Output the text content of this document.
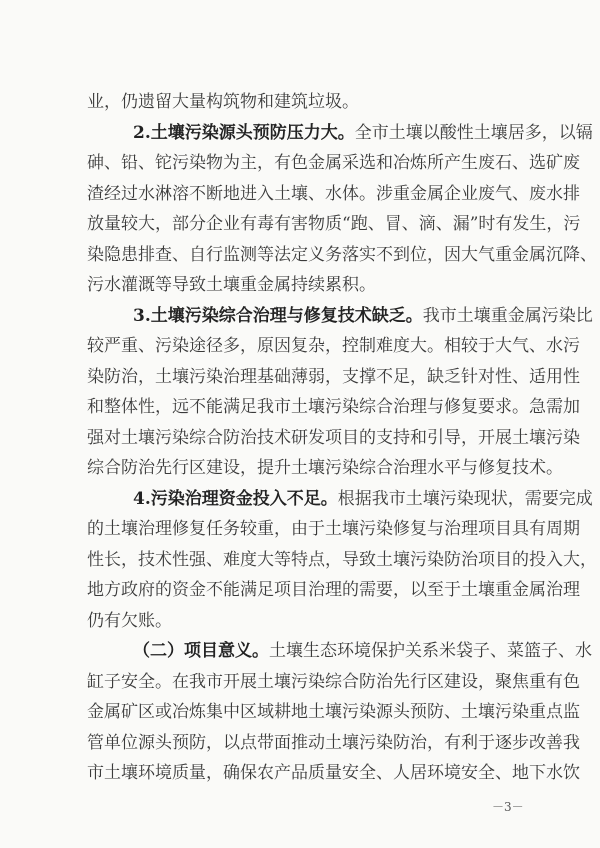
业，仍遗留大量构筑物和建筑垃圾。
2.土壤污染源头预防压力大。全市土壤以酸性土壤居多，以镉
砷、铅、铊污染物为主，有色金属采选和冶炼所产生废石、选矿废
渣经过水淋溶不断地进入土壤、水体。涉重金属企业废气、废水排
放量较大，部分企业有毒有害物质“跑、冒、滴、漏”时有发生，污
染隐患排查、自行监测等法定义务落实不到位，因大气重金属沉降、
污水灌溉等导致土壤重金属持续累积。
3.土壤污染综合治理与修复技术缺乏。我市土壤重金属污染比
较严重、污染途径多，原因复杂，控制难度大。相较于大气、水污
染防治，土壤污染治理基础薄弱，支撑不足，缺乏针对性、适用性
和整体性，远不能满足我市土壤污染综合治理与修复要求。急需加
强对土壤污染综合防治技术研发项目的支持和引导，开展土壤污染
综合防治先行区建设，提升土壤污染综合治理水平与修复技术。
4.污染治理资金投入不足。根据我市土壤污染现状，需要完成
的土壤治理修复任务较重，由于土壤污染修复与治理项目具有周期
性长，技术性强、难度大等特点，导致土壤污染防治项目的投入大，
地方政府的资金不能满足项目治理的需要，以至于土壤重金属治理
仍有欠账。
（二）项目意义。土壤生态环境保护关系米袋子、菜篮子、水
缸子安全。在我市开展土壤污染综合防治先行区建设，聚焦重有色
金属矿区或冶炼集中区域耕地土壤污染源头预防、土壤污染重点监
管单位源头预防，以点带面推动土壤污染防治，有利于逐步改善我
市土壤环境质量，确保农产品质量安全、人居环境安全、地下水饮
－3－
